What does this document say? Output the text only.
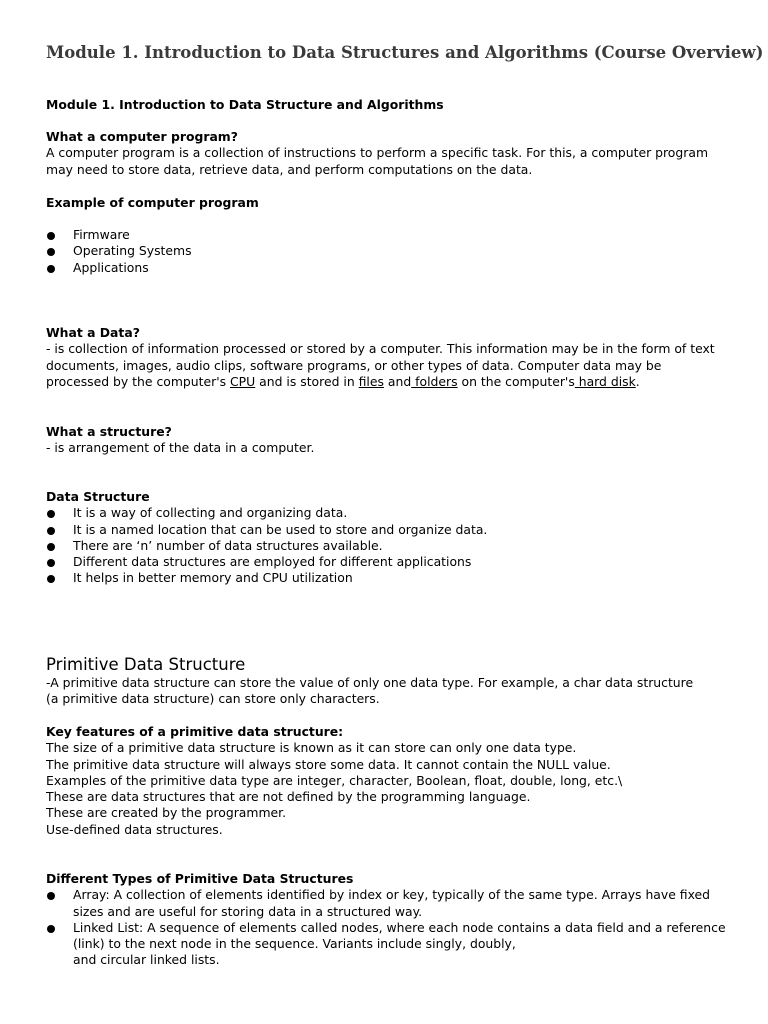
Module 1. Introduction to Data Structures and Algorithms (Course Overview)

Module 1. Introduction to Data Structure and Algorithms

What a computer program?

A computer program is a collection of instructions to perform a specific task. For this, a computer program may need to store data, retrieve data, and perform computations on the data.

Example of computer program

Firmware
Operating Systems
Applications

What a Data?

- is collection of information processed or stored by a computer. This information may be in the form of text documents, images, audio clips, software programs, or other types of data. Computer data may be processed by the computer's CPU and is stored in files and folders on the computer's hard disk.

What a structure?

- is arrangement of the data in a computer.

Data Structure

It is a way of collecting and organizing data.
It is a named location that can be used to store and organize data.
There are ‘n’ number of data structures available.
Different data structures are employed for different applications
It helps in better memory and CPU utilization

Primitive Data Structure

-A primitive data structure can store the value of only one data type. For example, a char data structure

(a primitive data structure) can store only characters.

Key features of a primitive data structure:

The size of a primitive data structure is known as it can store can only one data type.

The primitive data structure will always store some data. It cannot contain the NULL value.

Examples of the primitive data type are integer, character, Boolean, float, double, long, etc.\

These are data structures that are not defined by the programming language.

These are created by the programmer.

Use-defined data structures.

Different Types of Primitive Data Structures

Array: A collection of elements identified by index or key, typically of the same type. Arrays have fixed sizes and are useful for storing data in a structured way.
Linked List: A sequence of elements called nodes, where each node contains a data field and a reference (link) to the next node in the sequence. Variants include singly, doubly,
and circular linked lists.
